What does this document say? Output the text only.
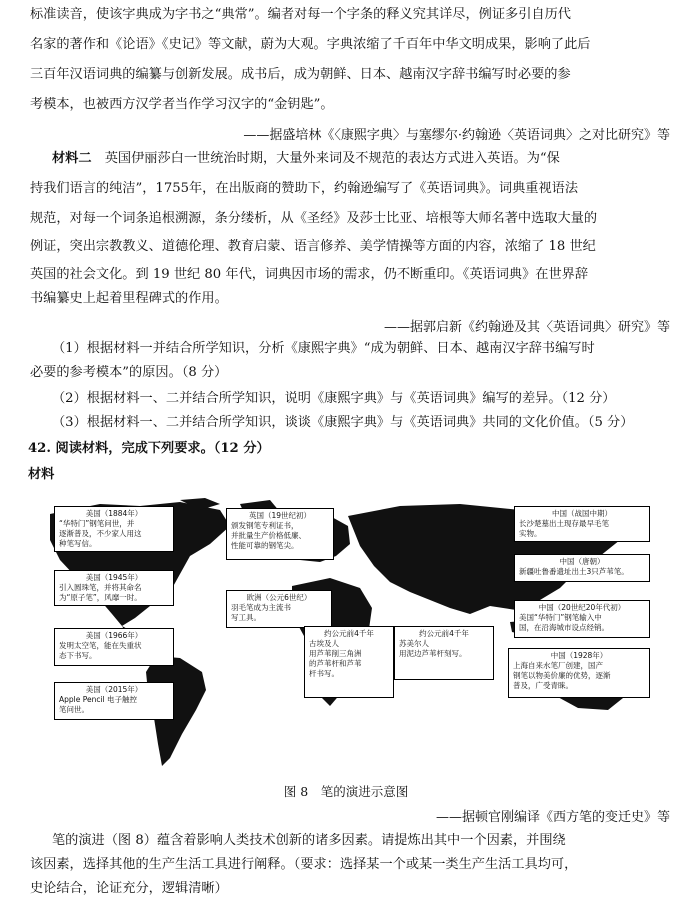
标准读音，使该字典成为字书之“典常”。编者对每一个字条的释义究其详尽，例证多引自历代
名家的著作和《论语》《史记》等文献，蔚为大观。字典浓缩了千百年中华文明成果，影响了此后
三百年汉语词典的编纂与创新发展。成书后，成为朝鲜、日本、越南汉字辞书编写时必要的参
考模本，也被西方汉学者当作学习汉字的“金钥匙”。
——据盛培林《〈康熙字典〉与塞缪尔·约翰逊〈英语词典〉之对比研究》等
材料二　 英国伊丽莎白一世统治时期，大量外来词及不规范的表达方式进入英语。为“保
持我们语言的纯洁”，1755年，在出版商的赞助下，约翰逊编写了《英语词典》。词典重视语法
规范，对每一个词条追根溯源，条分缕析，从《圣经》及莎士比亚、培根等大师名著中选取大量的
例证，突出宗教教义、道德伦理、教育启蒙、语言修养、美学情操等方面的内容，浓缩了 18 世纪
英国的社会文化。到 19 世纪 80 年代，词典因市场的需求，仍不断重印。《英语词典》在世界辞
书编纂史上起着里程碑式的作用。
——据郭启新《约翰逊及其〈英语词典〉研究》等
（1）根据材料一并结合所学知识，分析《康熙字典》“成为朝鲜、日本、越南汉字辞书编写时
必要的参考模本”的原因。（8 分）
（2）根据材料一、二并结合所学知识，说明《康熙字典》与《英语词典》编写的差异。（12 分）
（3）根据材料一、二并结合所学知识，谈谈《康熙字典》与《英语词典》共同的文化价值。（5 分）
42. 阅读材料，完成下列要求。（12 分）
材料
美国（1884年）
“华特门”钢笔问世，并
逐渐普及，不少家人用这
种笔写信。
美国（1945年）
引入圆珠笔，并将其命名
为“原子笔”，风靡一时。
美国（1966年）
发明太空笔，能在失重状
态下书写。
美国（2015年）
Apple Pencil 电子触控
笔问世。
英国（19世纪初）
颁发钢笔专利证书，
并批量生产价格低廉、
性能可靠的钢笔尖。
欧洲（公元6世纪）
羽毛笔成为主流书
写工具。
约公元前4千年
古埃及人
用芦苇削三角洲
的芦苇杆和芦苇
杆书写。
约公元前4千年
苏美尔人
用泥边芦苇杆刻写。
中国（战国中期）
长沙楚墓出土现存最早毛笔
实物。
中国（唐朝）
新疆吐鲁番遗址出土3只芦苇笔。
中国（20世纪20年代初）
美国“华特门”钢笔输入中
国，在沿海城市设点经销。
中国（1928年）
上海自来水笔厂创建，国产
钢笔以物美价廉的优势，逐渐
普及，广受青睐。
图 8　笔的演进示意图
——据顿官刚编译《西方笔的变迁史》等
笔的演进（图 8）蕴含着影响人类技术创新的诸多因素。请提炼出其中一个因素，并围绕
该因素，选择其他的生产生活工具进行阐释。（要求：选择某一个或某一类生产生活工具均可，
史论结合，论证充分，逻辑清晰）
